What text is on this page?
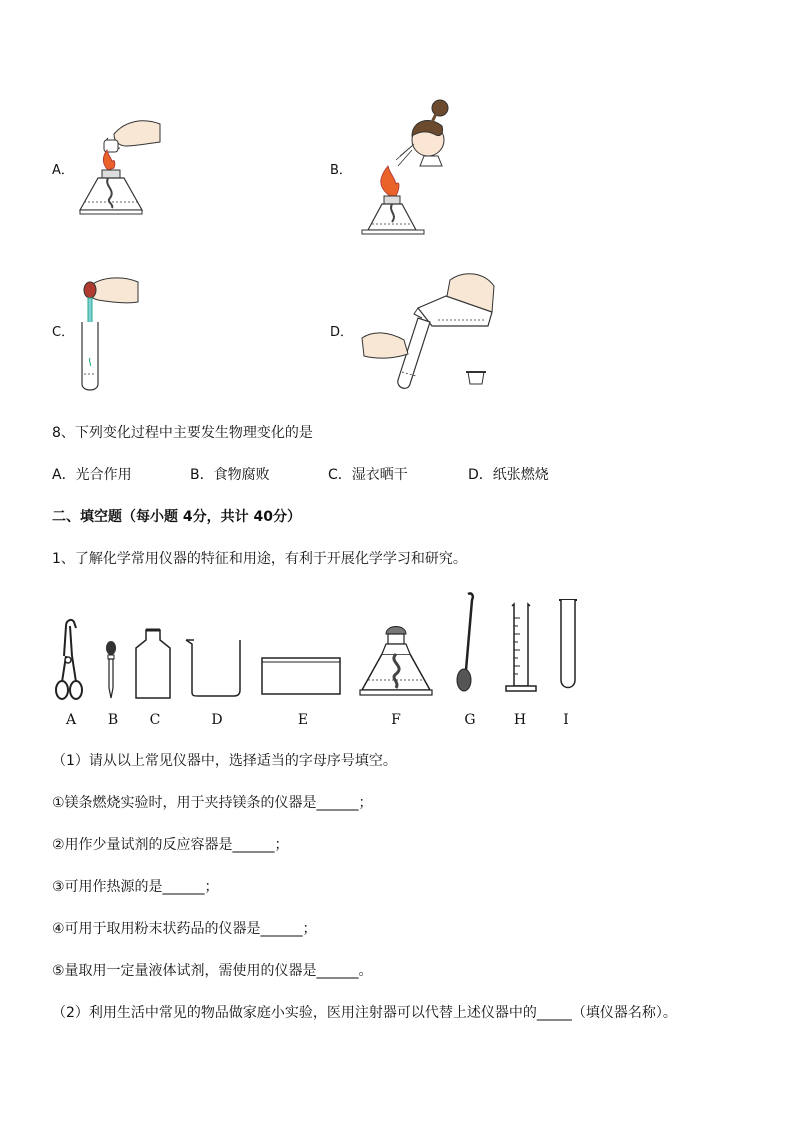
A．	B．
C．	D．
8、下列变化过程中主要发生物理变化的是
A．光合作用	B．食物腐败	C．湿衣晒干	D．纸张燃烧
二、填空题（每小题 4分，共计 40分）
1、了解化学常用仪器的特征和用途，有利于开展化学学习和研究。
A	B	C	D	E	F	G	H	I
（1）请从以上常见仪器中，选择适当的字母序号填空。
①镁条燃烧实验时，用于夹持镁条的仪器是______；
②用作少量试剂的反应容器是______；
③可用作热源的是______；
④可用于取用粉末状药品的仪器是______；
⑤量取用一定量液体试剂，需使用的仪器是______。
（2）利用生活中常见的物品做家庭小实验，医用注射器可以代替上述仪器中的_____（填仪器名称）。
